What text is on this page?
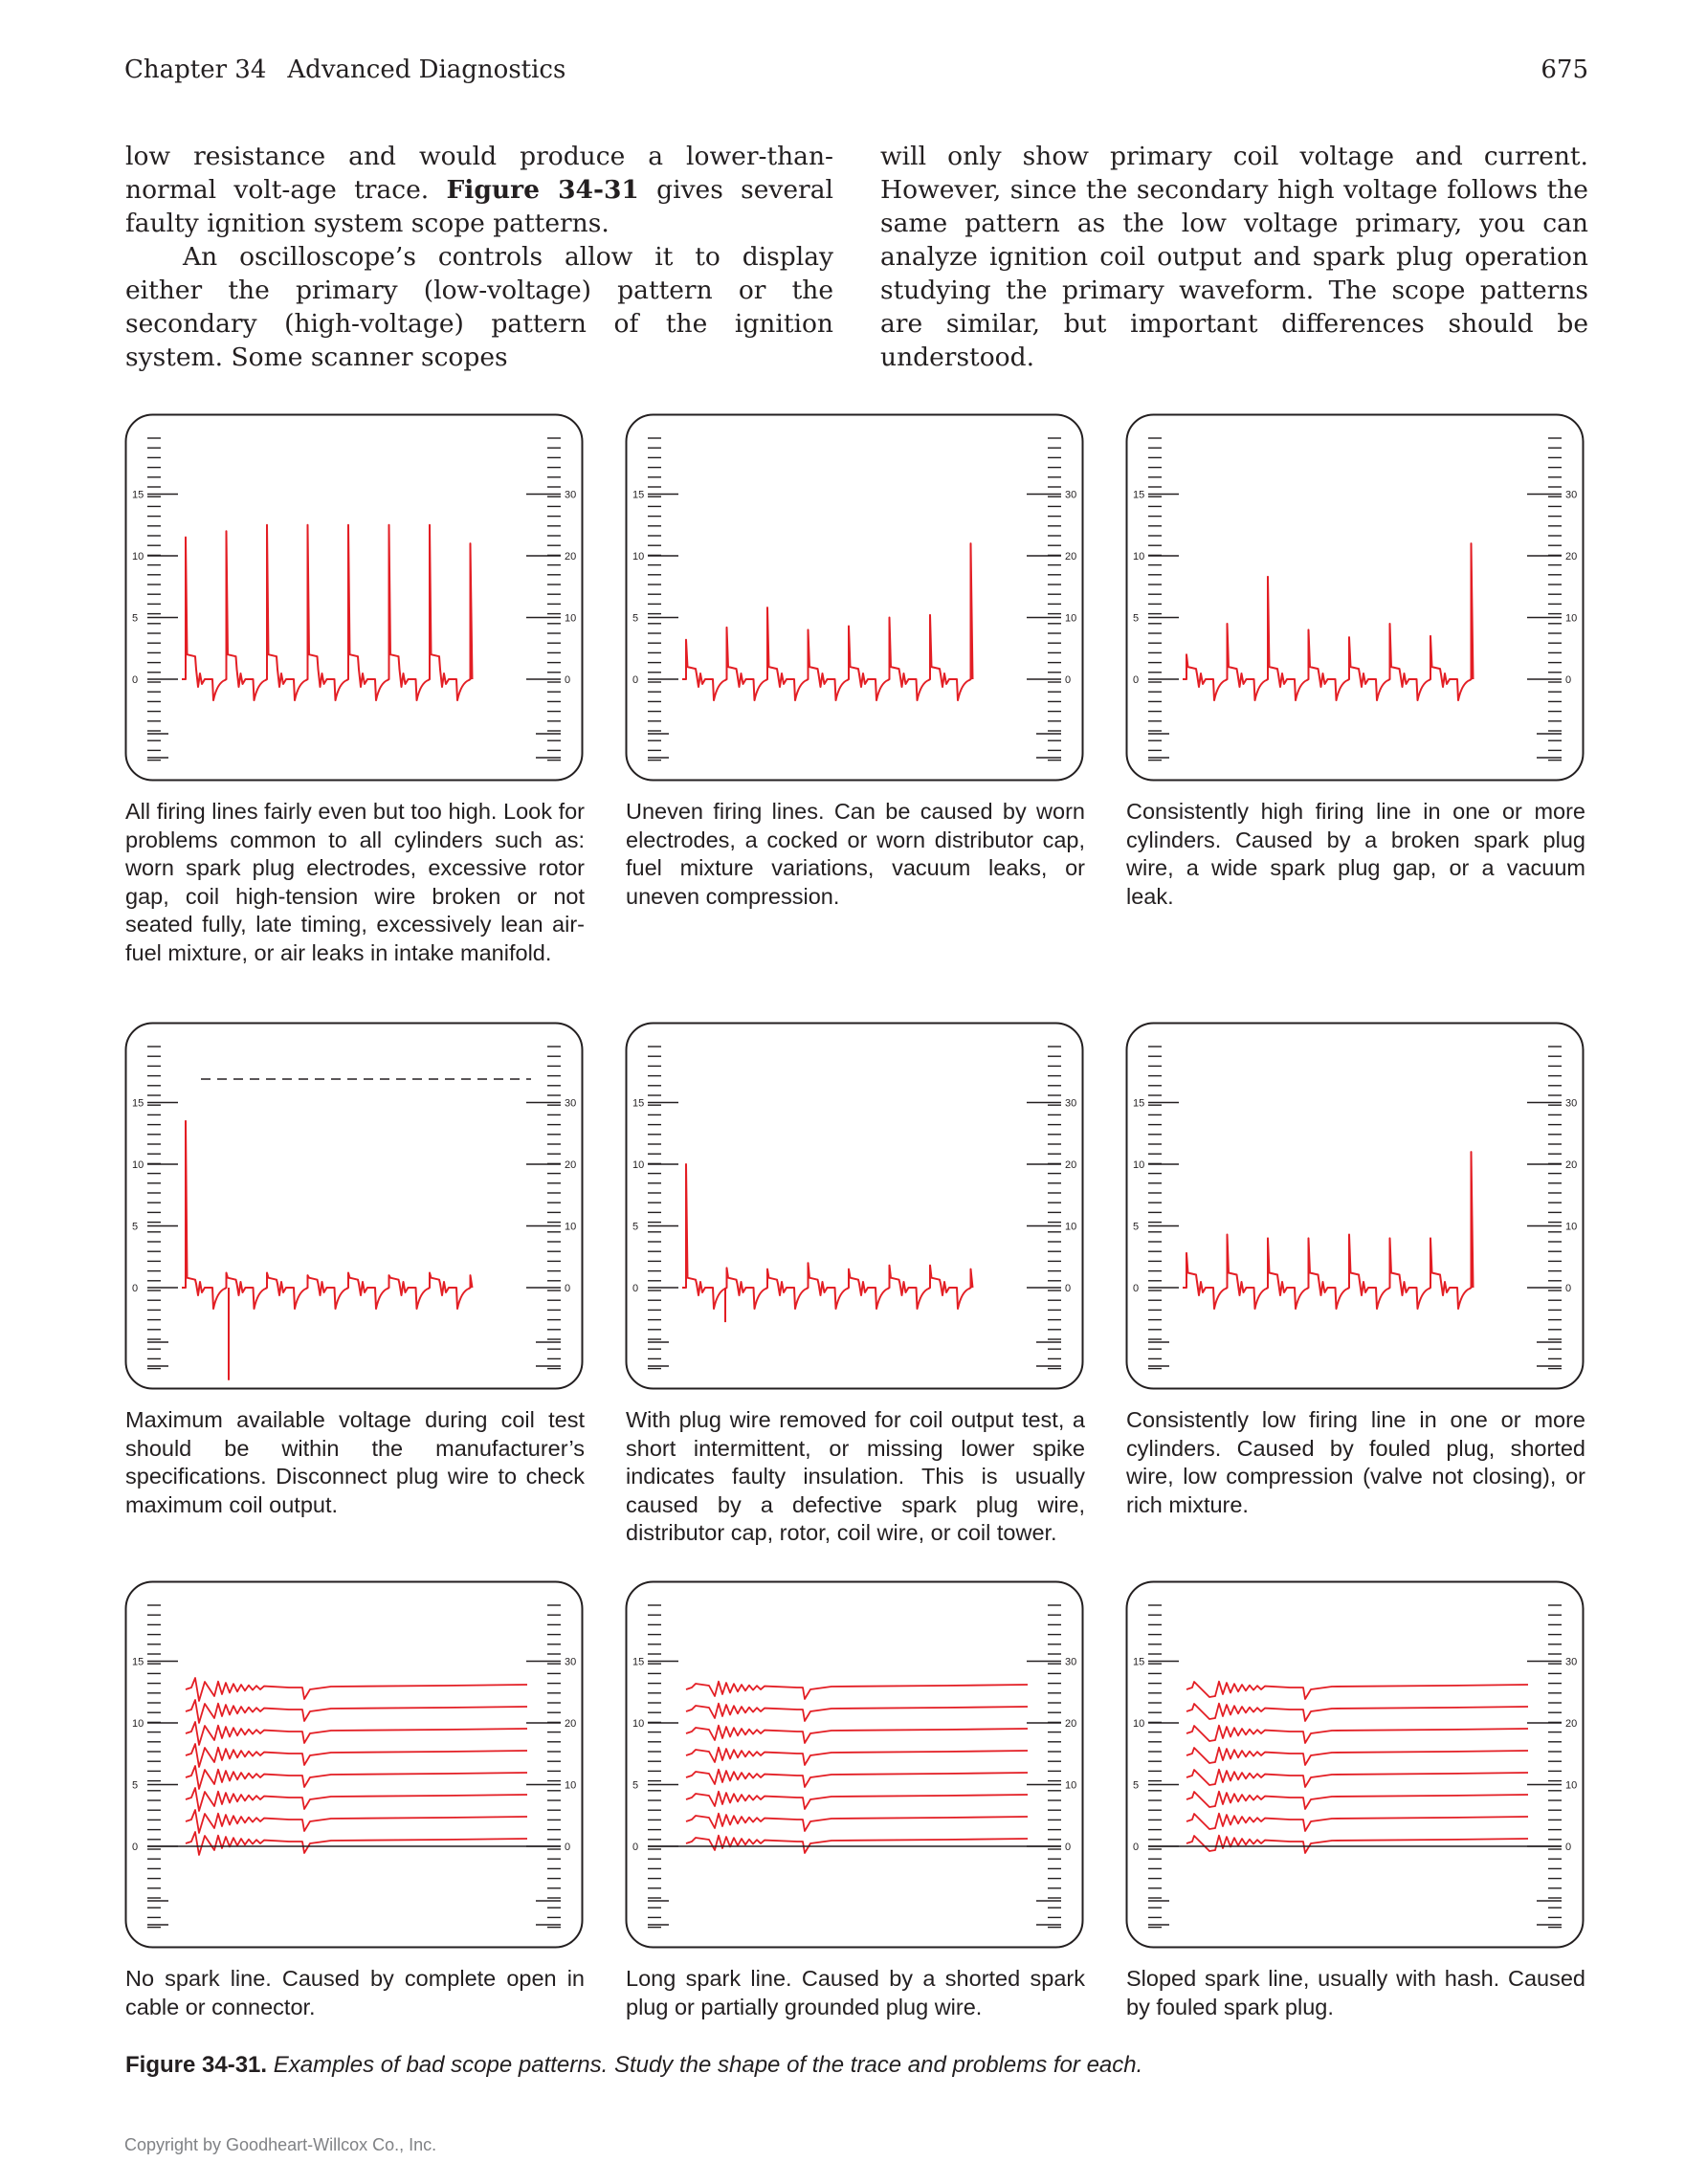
Chapter 34 Advanced Diagnostics	675

low resistance and would produce a lower-than-normal volt-age trace. Figure 34-31 gives several faulty ignition system scope patterns.

An oscilloscope’s controls allow it to display either the primary (low-voltage) pattern or the secondary (high-voltage) pattern of the ignition system. Some scanner scopes

will only show primary coil voltage and current. However, since the secondary high voltage follows the same pattern as the low voltage primary, you can analyze ignition coil output and spark plug operation studying the primary waveform. The scope patterns are similar, but important differences should be understood.

15
10
5
0
30
20
10
0
15
10
5
0
30
20
10
0
15
10
5
0
30
20
10
0
All firing lines fairly even but too high. Look for problems common to all cylinders such as: worn spark plug electrodes, excessive rotor gap, coil high-tension wire broken or not seated fully, late timing, excessively lean air-fuel mixture, or air leaks in intake manifold.
Uneven firing lines. Can be caused by worn electrodes, a cocked or worn distributor cap, fuel mixture variations, vacuum leaks, or uneven compression.
Consistently high firing line in one or more cylinders. Caused by a broken spark plug wire, a wide spark plug gap, or a vacuum leak.
15
10
5
0
30
20
10
0
15
10
5
0
30
20
10
0
15
10
5
0
30
20
10
0
Maximum available voltage during coil test should be within the manufacturer’s specifications. Disconnect plug wire to check maximum coil output.
With plug wire removed for coil output test, a short intermittent, or missing lower spike indicates faulty insulation. This is usually caused by a defective spark plug wire, distributor cap, rotor, coil wire, or coil tower.
Consistently low firing line in one or more cylinders. Caused by fouled plug, shorted wire, low compression (valve not closing), or rich mixture.
15
10
5
0
30
20
10
0
15
10
5
0
30
20
10
0
15
10
5
0
30
20
10
0
No spark line. Caused by complete open in cable or connector.
Long spark line. Caused by a shorted spark plug or partially grounded plug wire.
Sloped spark line, usually with hash. Caused by fouled spark plug.
Figure 34-31. Examples of bad scope patterns. Study the shape of the trace and problems for each.
Copyright by Goodheart-Willcox Co., Inc.
